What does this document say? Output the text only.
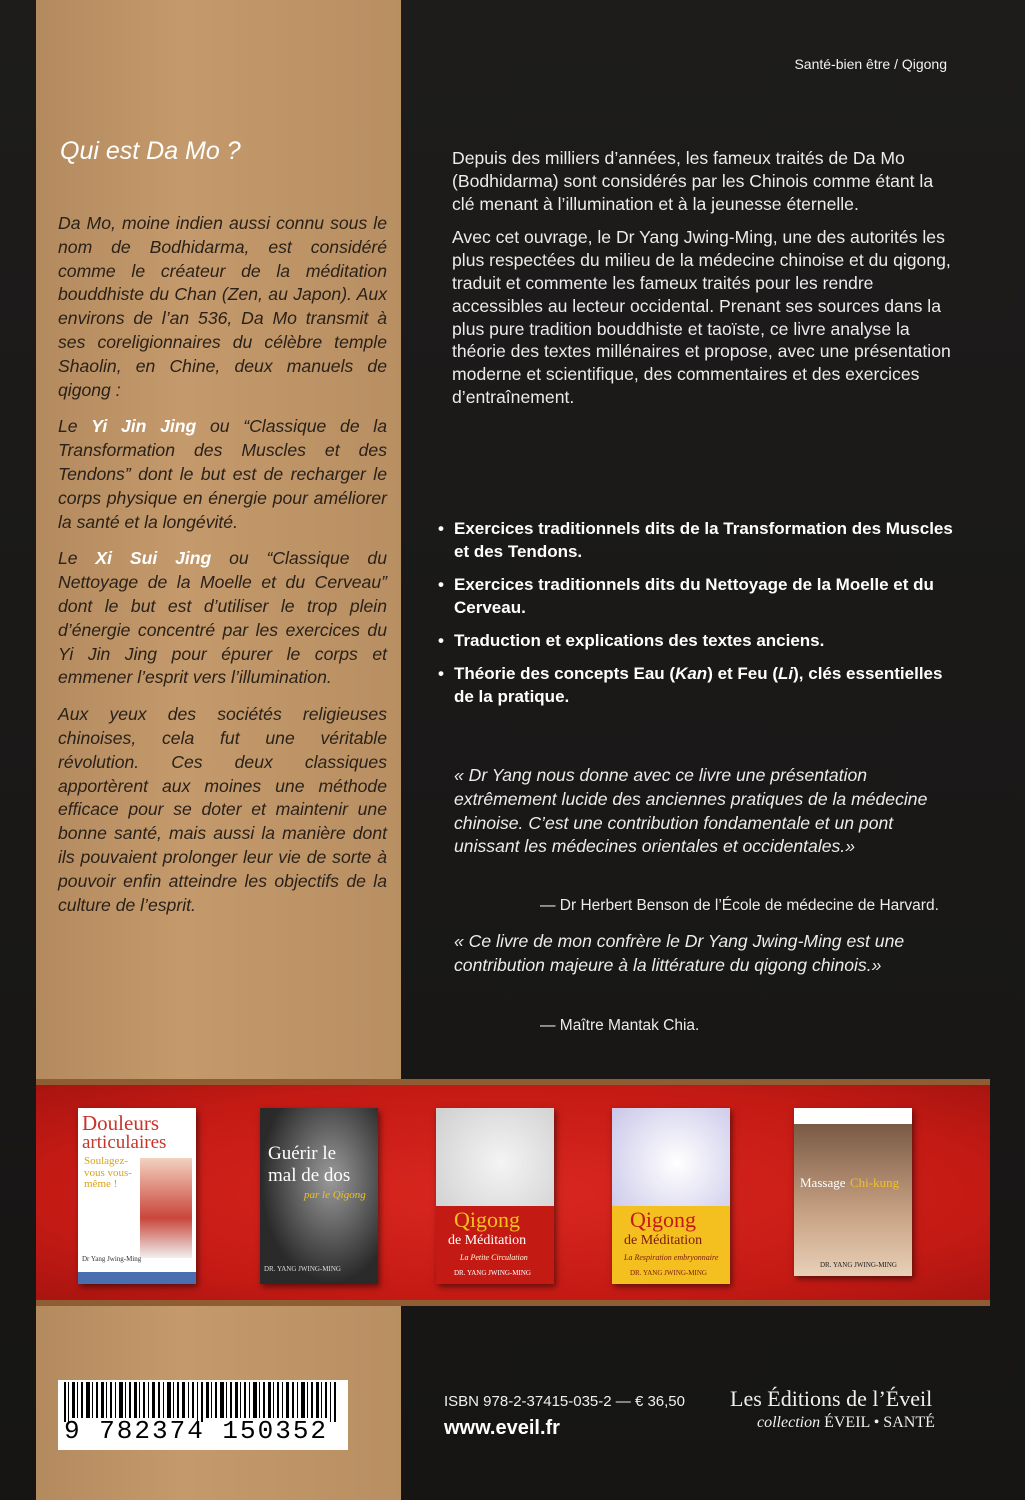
Santé-bien être / Qigong
Qui est Da Mo ?

Da Mo, moine indien aussi connu sous le nom de Bodhidarma, est considéré comme le créateur de la méditation bouddhiste du Chan (Zen, au Japon). Aux environs de l’an 536, Da Mo transmit à ses coreligionnaires du célèbre temple Shaolin, en Chine, deux manuels de qigong :

Le Yi Jin Jing ou “Classique de la Transformation des Muscles et des Tendons” dont le but est de recharger le corps physique en énergie pour améliorer la santé et la longévité.

Le Xi Sui Jing ou “Classique du Nettoyage de la Moelle et du Cerveau” dont le but est d’utiliser le trop plein d’énergie concentré par les exercices du Yi Jin Jing pour épurer le corps et emmener l’esprit vers l’illumination.

Aux yeux des sociétés religieuses chinoises, cela fut une véritable révolution. Ces deux classiques apportèrent aux moines une méthode efficace pour se doter et maintenir une bonne santé, mais aussi la manière dont ils pouvaient prolonger leur vie de sorte à pouvoir enfin atteindre les objectifs de la culture de l’esprit.

Depuis des milliers d’années, les fameux traités de Da Mo (Bodhidarma) sont considérés par les Chinois comme étant la clé menant à l’illumination et à la jeunesse éternelle.

Avec cet ouvrage, le Dr Yang Jwing-Ming, une des autorités les plus respectées du milieu de la médecine chinoise et du qigong, traduit et commente les fameux traités pour les rendre accessibles au lecteur occidental. Prenant ses sources dans la plus pure tradition bouddhiste et taoïste, ce livre analyse la théorie des textes millénaires et propose, avec une présentation moderne et scientifique, des commentaires et des exercices d’entraînement.

• Exercices traditionnels dits de la Transformation des Muscles et des Tendons.
• Exercices traditionnels dits du Nettoyage de la Moelle et du Cerveau.
• Traduction et explications des textes anciens.
• Théorie des concepts Eau (Kan) et Feu (Li), clés essentielles de la pratique.
« Dr Yang nous donne avec ce livre une présentation extrêmement lucide des anciennes pratiques de la médecine chinoise. C’est une contribution fondamentale et un pont unissant les médecines orientales et occidentales.»
— Dr Herbert Benson de l’École de médecine de Harvard.
« Ce livre de mon confrère le Dr Yang Jwing-Ming est une contribution majeure à la littérature du qigong chinois.»
— Maître Mantak Chia.
Douleurs
articulaires
Soulagez-vous vous-même !
Dr Yang Jwing-Ming
Guérir le
mal de dos
par le Qigong
DR. YANG JWING-MING
Qigong
de Méditation
La Petite Circulation
DR. YANG JWING-MING
Qigong
de Méditation
La Respiration embryonnaire
DR. YANG JWING-MING
Massage Chi-kung
DR. YANG JWING-MING
9 782374 150352
ISBN 978-2-37415-035-2 — € 36,50
www.eveil.fr
Les Éditions de l’Éveil
collection ÉVEIL • SANTÉ
